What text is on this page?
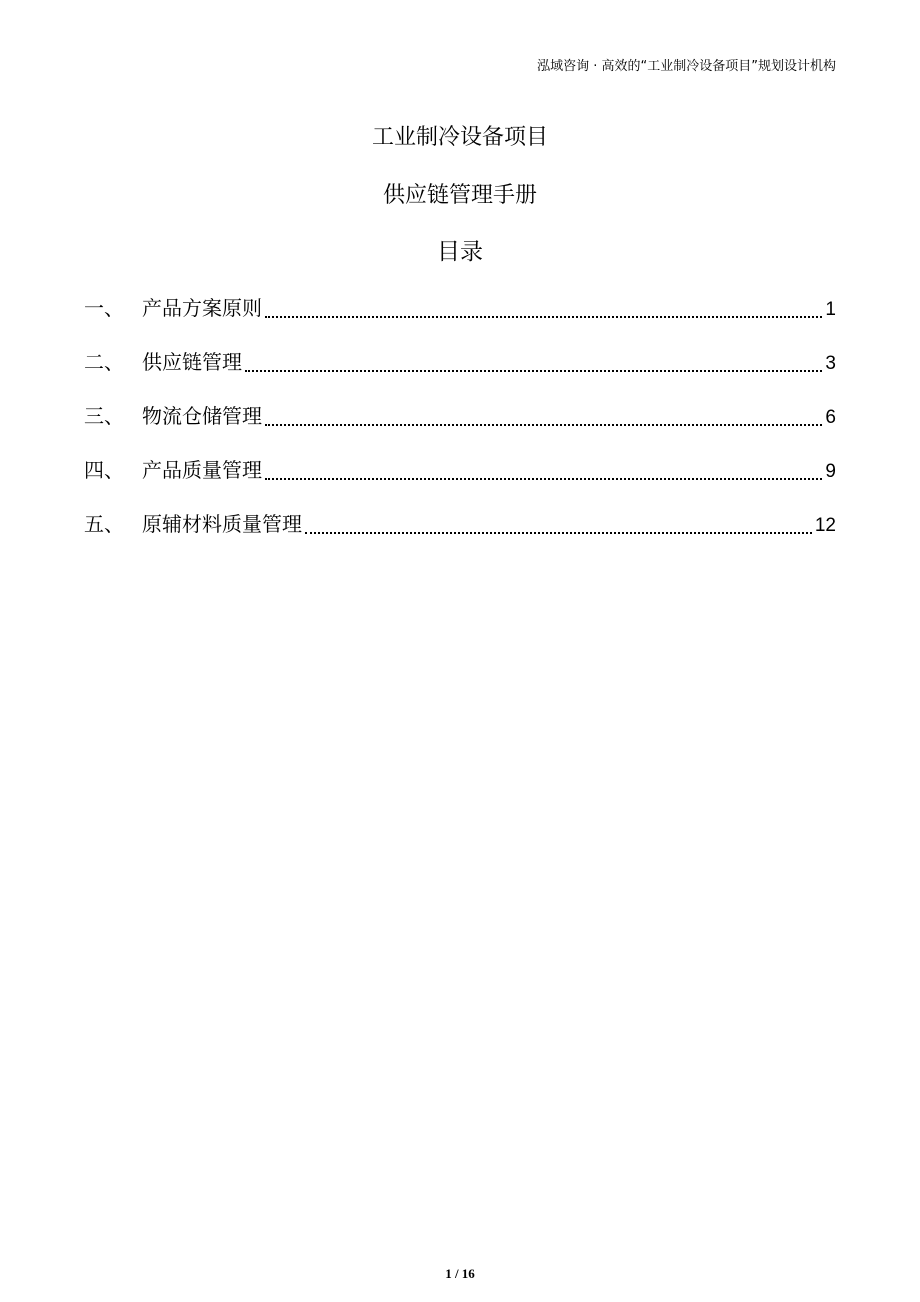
泓域咨询 · 高效的“工业制冷设备项目”规划设计机构
工业制冷设备项目
供应链管理手册
目录
一、 产品方案原则	1
二、 供应链管理	3
三、 物流仓储管理	6
四、 产品质量管理	9
五、 原辅材料质量管理	12
1 / 16
